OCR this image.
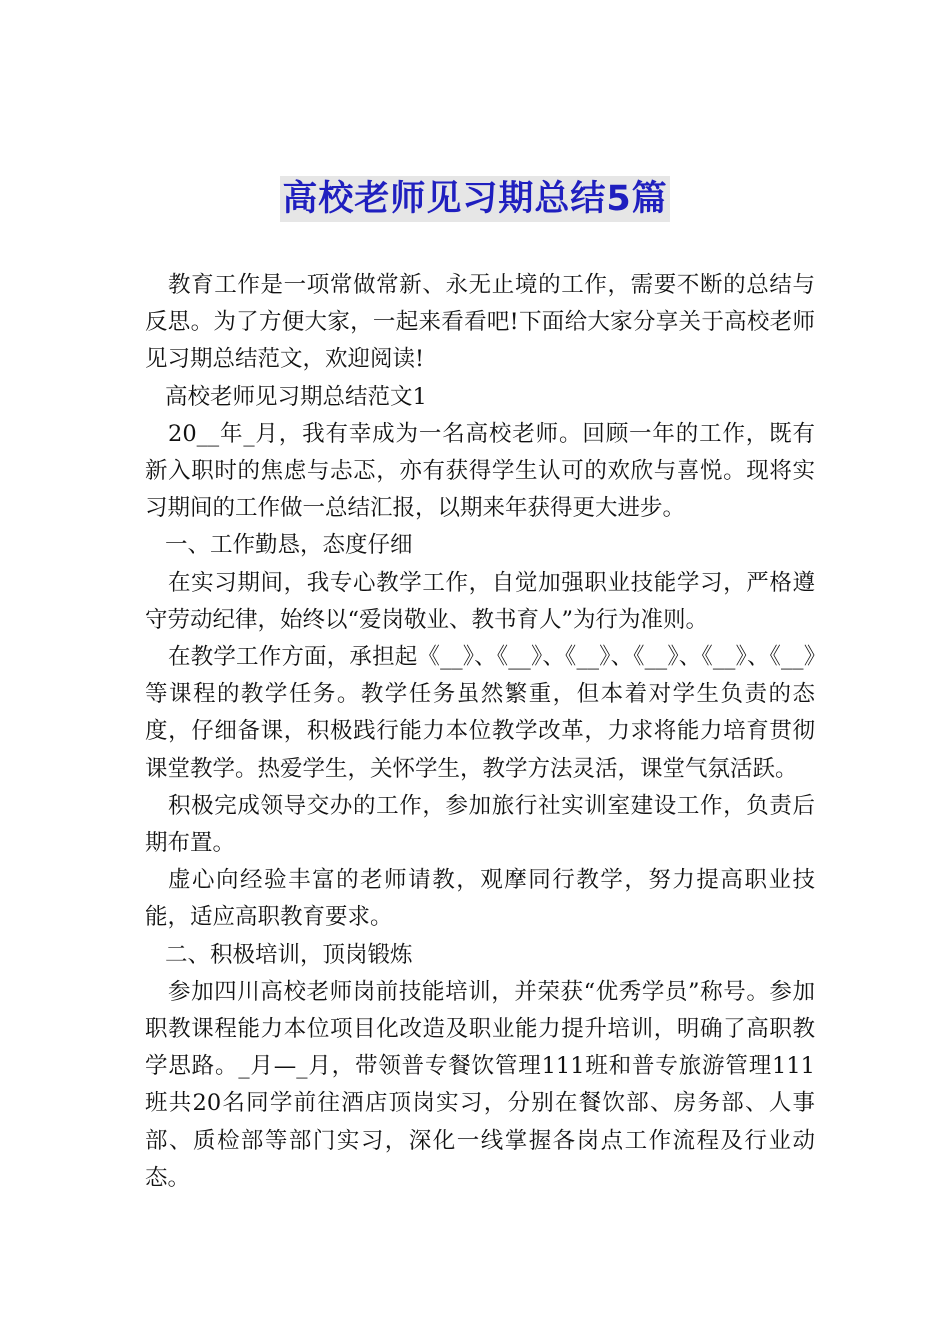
高校老师见习期总结5篇

教育工作是一项常做常新、永无止境的工作，需要不断的总结与反思。为了方便大家，一起来看看吧!下面给大家分享关于高校老师见习期总结范文，欢迎阅读!

高校老师见习期总结范文1

20__年_月，我有幸成为一名高校老师。回顾一年的工作，既有新入职时的焦虑与忐忑，亦有获得学生认可的欢欣与喜悦。现将实习期间的工作做一总结汇报，以期来年获得更大进步。

一、工作勤恳，态度仔细

在实习期间，我专心教学工作，自觉加强职业技能学习，严格遵守劳动纪律，始终以“爱岗敬业、教书育人”为行为准则。

在教学工作方面，承担起《__》、《__》、《__》、《__》、《__》、《__》等课程的教学任务。教学任务虽然繁重，但本着对学生负责的态度，仔细备课，积极践行能力本位教学改革，力求将能力培育贯彻课堂教学。热爱学生，关怀学生，教学方法灵活，课堂气氛活跃。

积极完成领导交办的工作，参加旅行社实训室建设工作，负责后期布置。

虚心向经验丰富的老师请教，观摩同行教学，努力提高职业技能，适应高职教育要求。

二、积极培训，顶岗锻炼

参加四川高校老师岗前技能培训，并荣获“优秀学员”称号。参加职教课程能力本位项目化改造及职业能力提升培训，明确了高职教学思路。_月—_月，带领普专餐饮管理111班和普专旅游管理111班共20名同学前往酒店顶岗实习，分别在餐饮部、房务部、人事部、质检部等部门实习，深化一线掌握各岗点工作流程及行业动态。
